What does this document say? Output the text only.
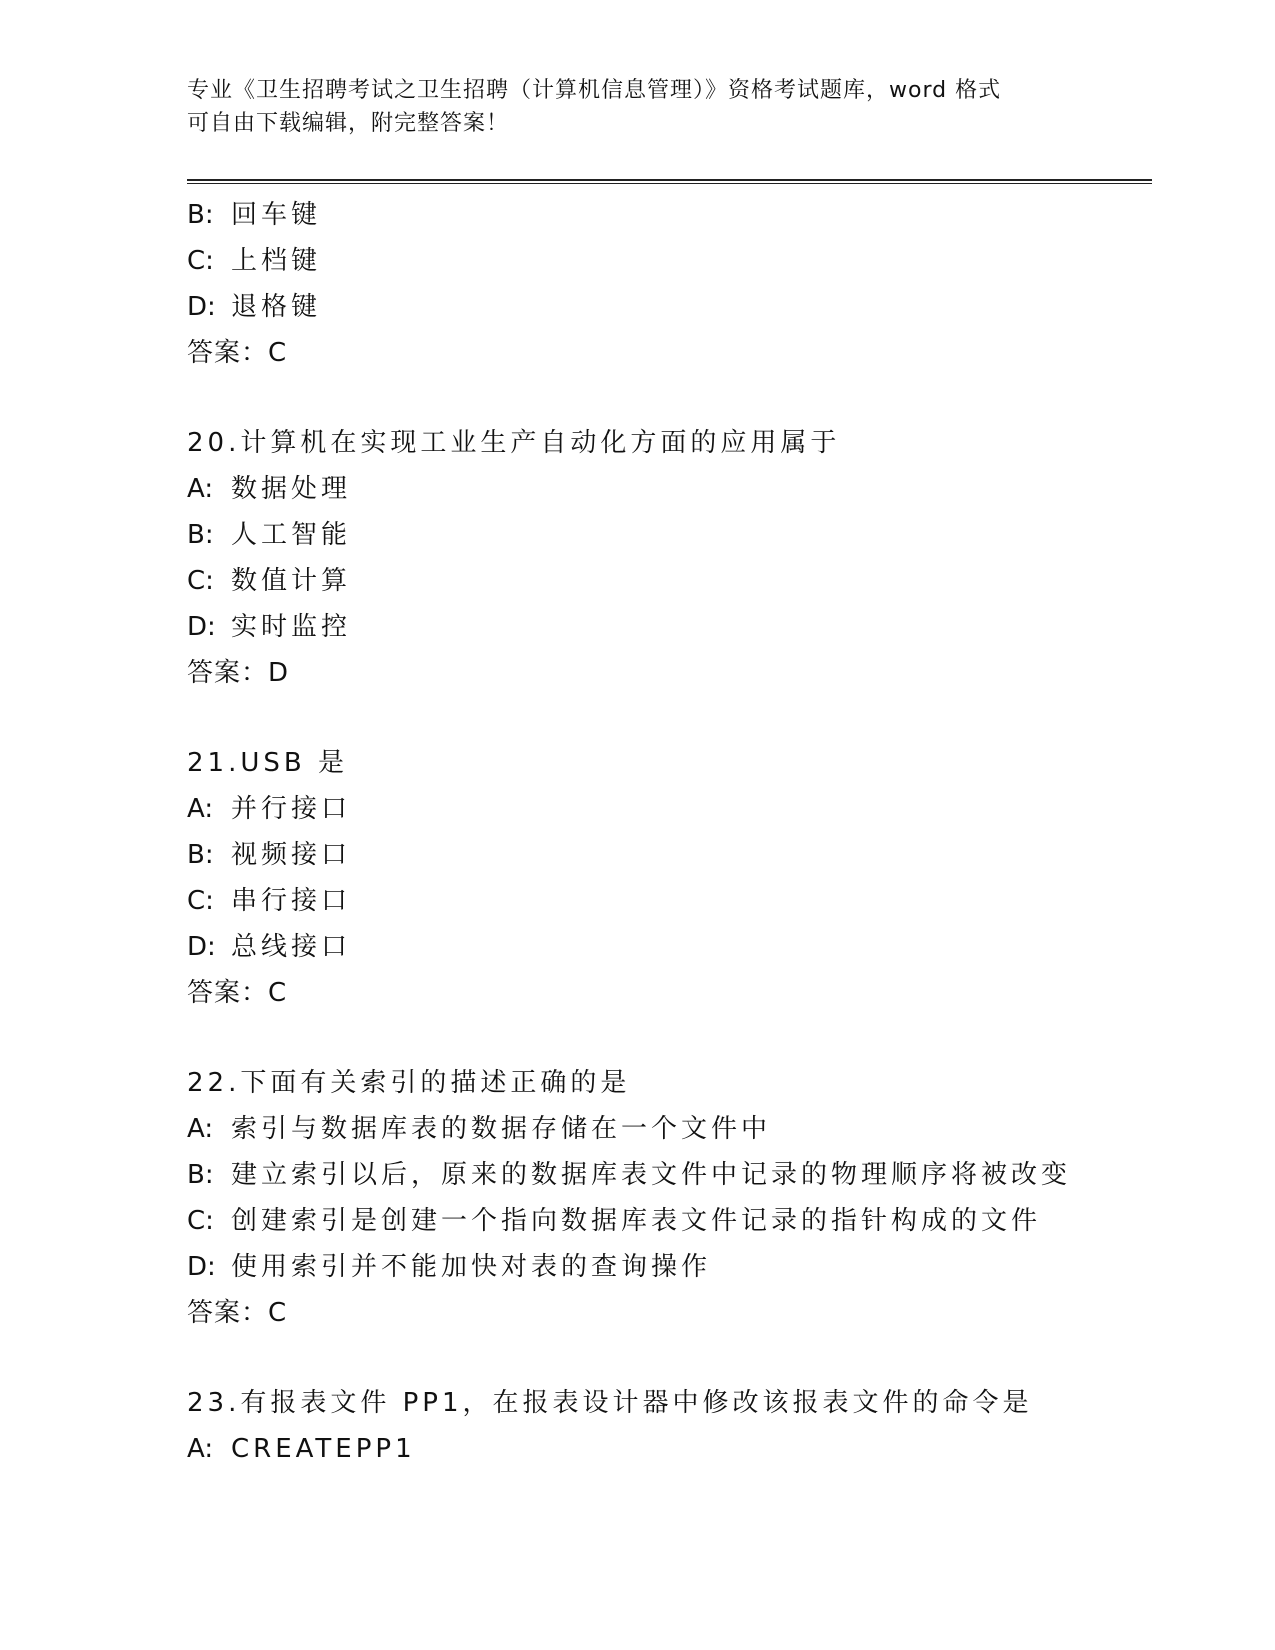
专业《卫生招聘考试之卫生招聘（计算机信息管理）》资格考试题库，word 格式
可自由下载编辑，附完整答案！
B: 回车键
C: 上档键
D: 退格键
答案：C
20.计算机在实现工业生产自动化方面的应用属于
A: 数据处理
B: 人工智能
C: 数值计算
D: 实时监控
答案：D
21.USB 是
A: 并行接口
B: 视频接口
C: 串行接口
D: 总线接口
答案：C
22.下面有关索引的描述正确的是
A: 索引与数据库表的数据存储在一个文件中
B: 建立索引以后，原来的数据库表文件中记录的物理顺序将被改变
C: 创建索引是创建一个指向数据库表文件记录的指针构成的文件
D: 使用索引并不能加快对表的查询操作
答案：C
23.有报表文件 PP1，在报表设计器中修改该报表文件的命令是
A: CREATEPP1
